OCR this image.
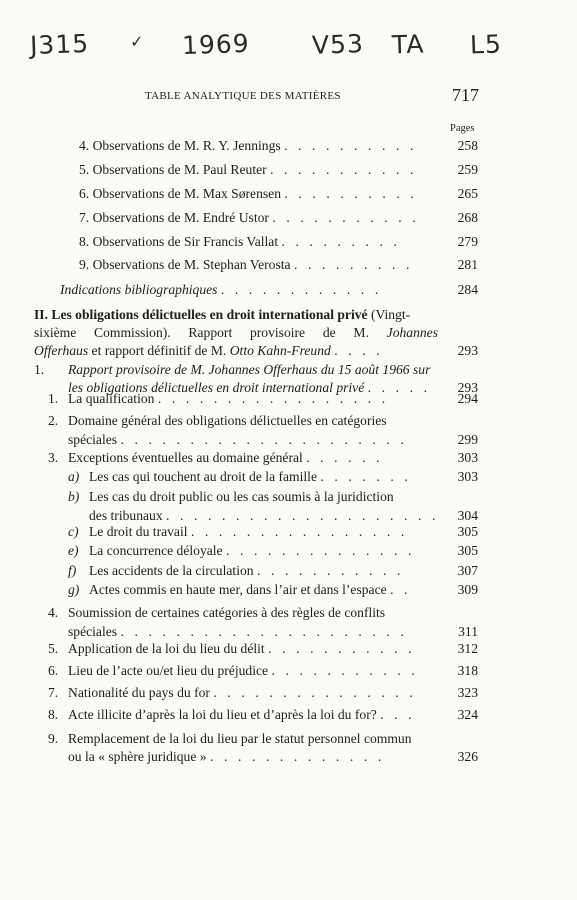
J315	✓ 1969 V53 TA L5
TABLE ANALYTIQUE DES MATIÈRES	717
Pages
4. Observations de M. R. Y. Jennings . . . . . . . . . .	258
5. Observations de M. Paul Reuter . . . . . . . . . . .	259
6. Observations de M. Max Sørensen . . . . . . . . . .	265
7. Observations de M. Endré Ustor . . . . . . . . . . .	268
8. Observations de Sir Francis Vallat . . . . . . . . .	279
9. Observations de M. Stephan Verosta . . . . . . . . .	281
Indications bibliographiques . . . . . . . . . . . .	284
II. Les obligations délictuelles en droit international privé (Vingt-
sixième Commission). Rapport provisoire de M. Johannes
Offerhaus et rapport définitif de M. Otto Kahn-Freund . . . .	293
1. Rapport provisoire de M. Johannes Offerhaus du 15 août 1966 sur
les obligations délictuelles en droit international privé . . . . . 293
1. La qualification . . . . . . . . . . . . . . . . .	294
2. Domaine général des obligations délictuelles en catégories
spéciales . . . . . . . . . . . . . . . . . . . . .	299
3. Exceptions éventuelles au domaine général . . . . . .	303
a) Les cas qui touchent au droit de la famille . . . . . . .	303
b) Les cas du droit public ou les cas soumis à la juridiction
des tribunaux . . . . . . . . . . . . . . . . . . . . 304
c) Le droit du travail . . . . . . . . . . . . . . . .	305
e) La concurrence déloyale . . . . . . . . . . . . . .	305
f) Les accidents de la circulation . . . . . . . . . . .	307
g) Actes commis en haute mer, dans l’air et dans l’espace . .	309
4. Soumission de certaines catégories à des règles de conflits
spéciales . . . . . . . . . . . . . . . . . . . . .	311
5. Application de la loi du lieu du délit . . . . . . . . . . .	312
6. Lieu de l’acte ou/et lieu du préjudice . . . . . . . . . . .	318
7. Nationalité du pays du for . . . . . . . . . . . . . . .	323
8. Acte illicite d’après la loi du lieu et d’après la loi du for? . . .	324
9. Remplacement de la loi du lieu par le statut personnel commun
ou la « sphère juridique » . . . . . . . . . . . . .	326
